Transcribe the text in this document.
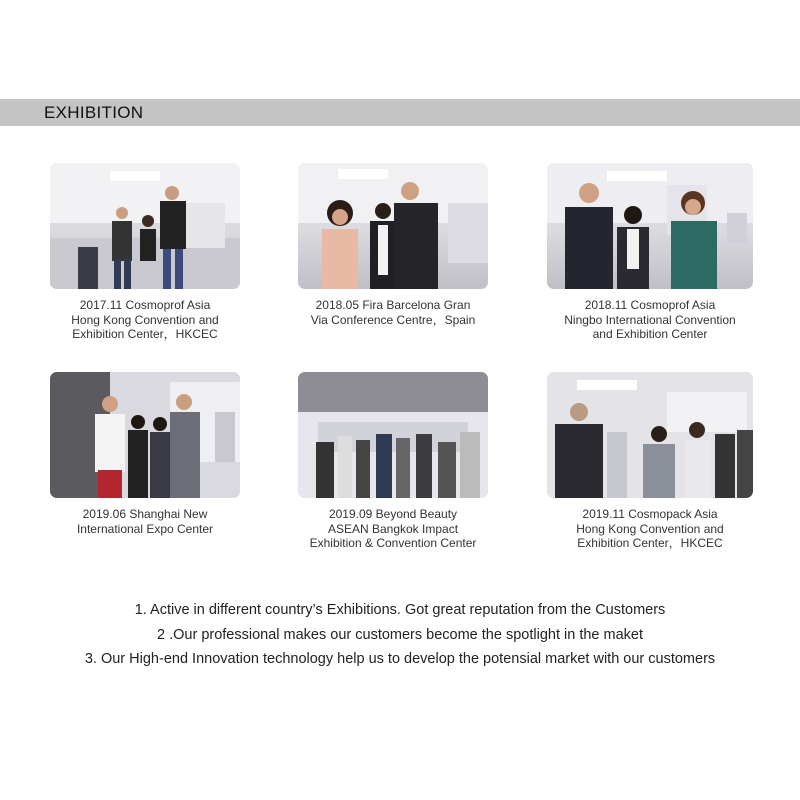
EXHIBITION
2017.11 Cosmoprof Asia
Hong Kong Convention and
Exhibition Center，HKCEC
2018.05 Fira Barcelona Gran
Via Conference Centre，Spain
2018.11 Cosmoprof Asia
Ningbo International Convention
and Exhibition Center
2019.06 Shanghai New
International Expo Center
2019.09 Beyond Beauty
ASEAN Bangkok Impact
Exhibition & Convention Center
2019.11 Cosmopack Asia
Hong Kong Convention and
Exhibition Center，HKCEC
1. Active in different country’s Exhibitions. Got great reputation from the Customers
2 .Our professional makes our customers become the spotlight in the maket
3. Our High-end Innovation technology help us to develop the potensial market with our customers
